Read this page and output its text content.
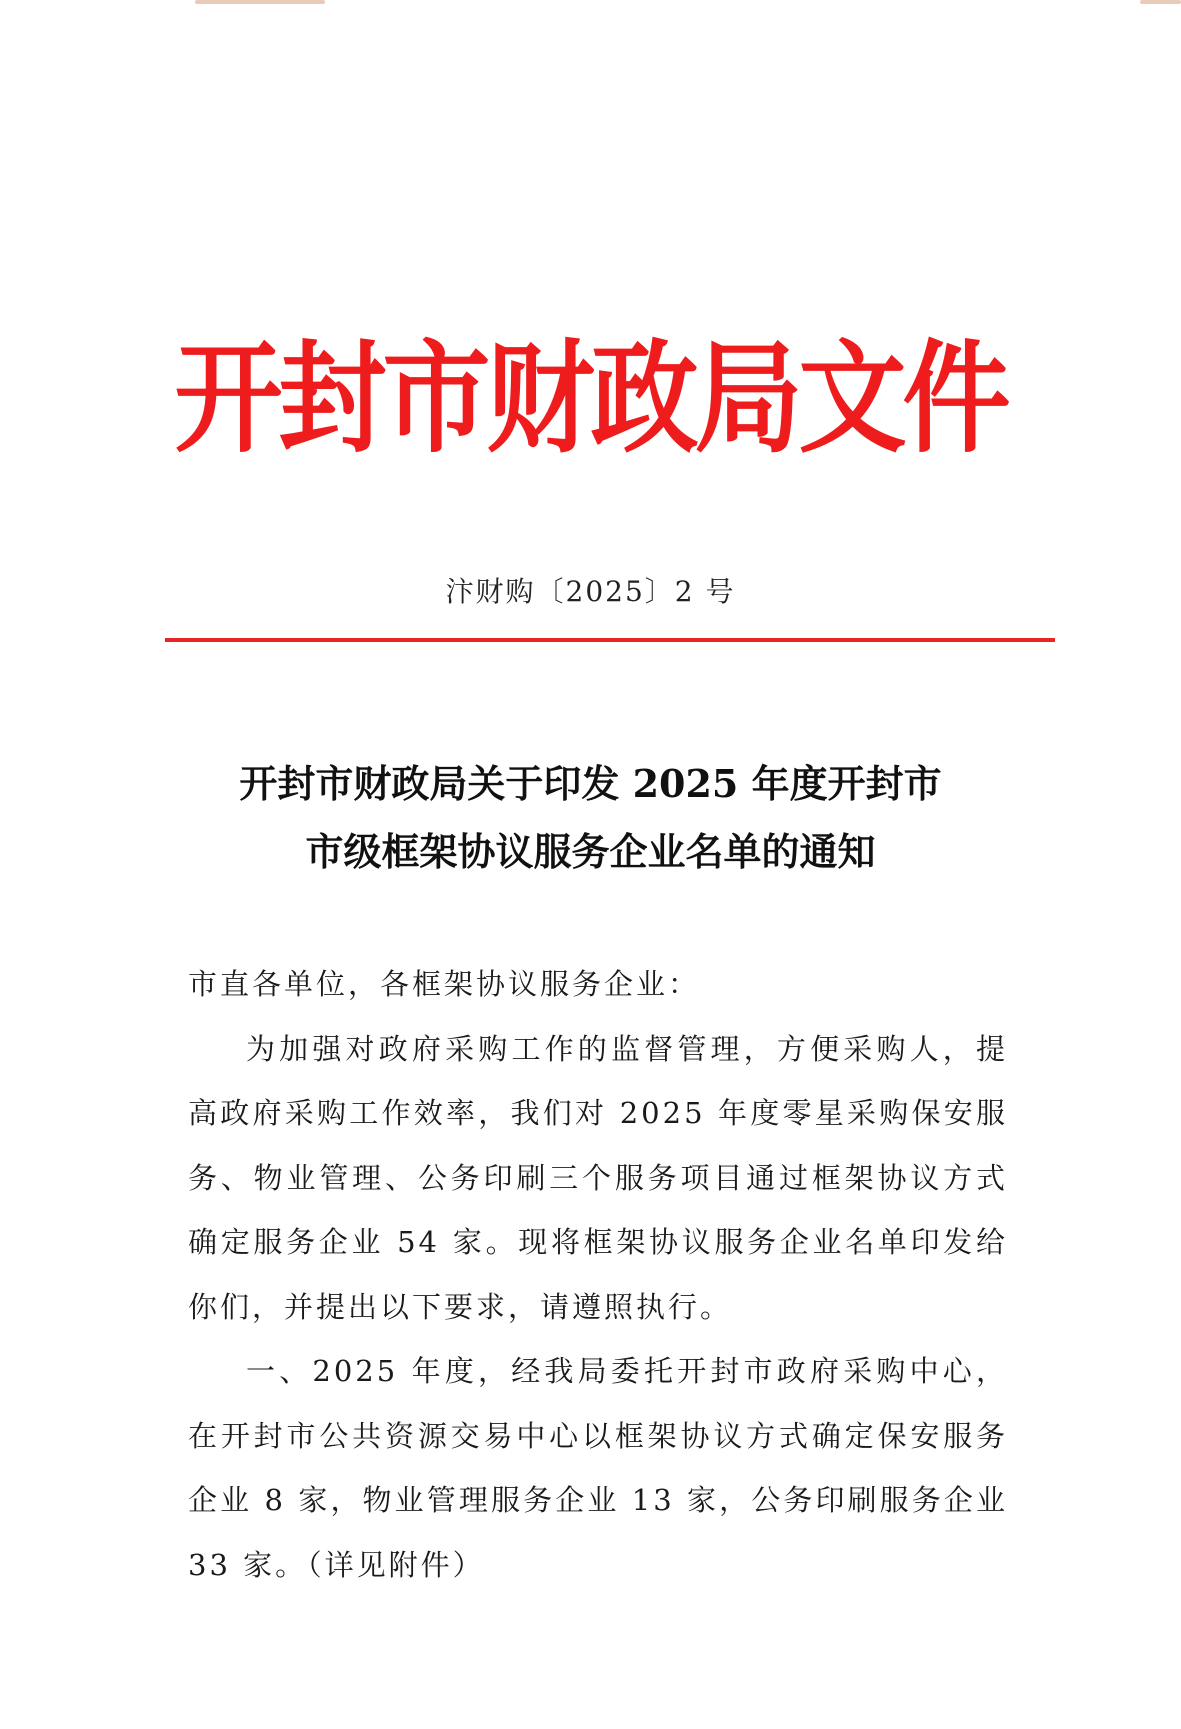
开封市财政局文件
汴财购〔2025〕2 号
开封市财政局关于印发 2025 年度开封市
市级框架协议服务企业名单的通知

市直各单位，各框架协议服务企业：

为加强对政府采购工作的监督管理，方便采购人，提高政府采购工作效率，我们对 2025 年度零星采购保安服务、物业管理、公务印刷三个服务项目通过框架协议方式确定服务企业 54 家。现将框架协议服务企业名单印发给你们，并提出以下要求，请遵照执行。

一、2025 年度，经我局委托开封市政府采购中心，在开封市公共资源交易中心以框架协议方式确定保安服务企业 8 家，物业管理服务企业 13 家，公务印刷服务企业 33 家。（详见附件）
